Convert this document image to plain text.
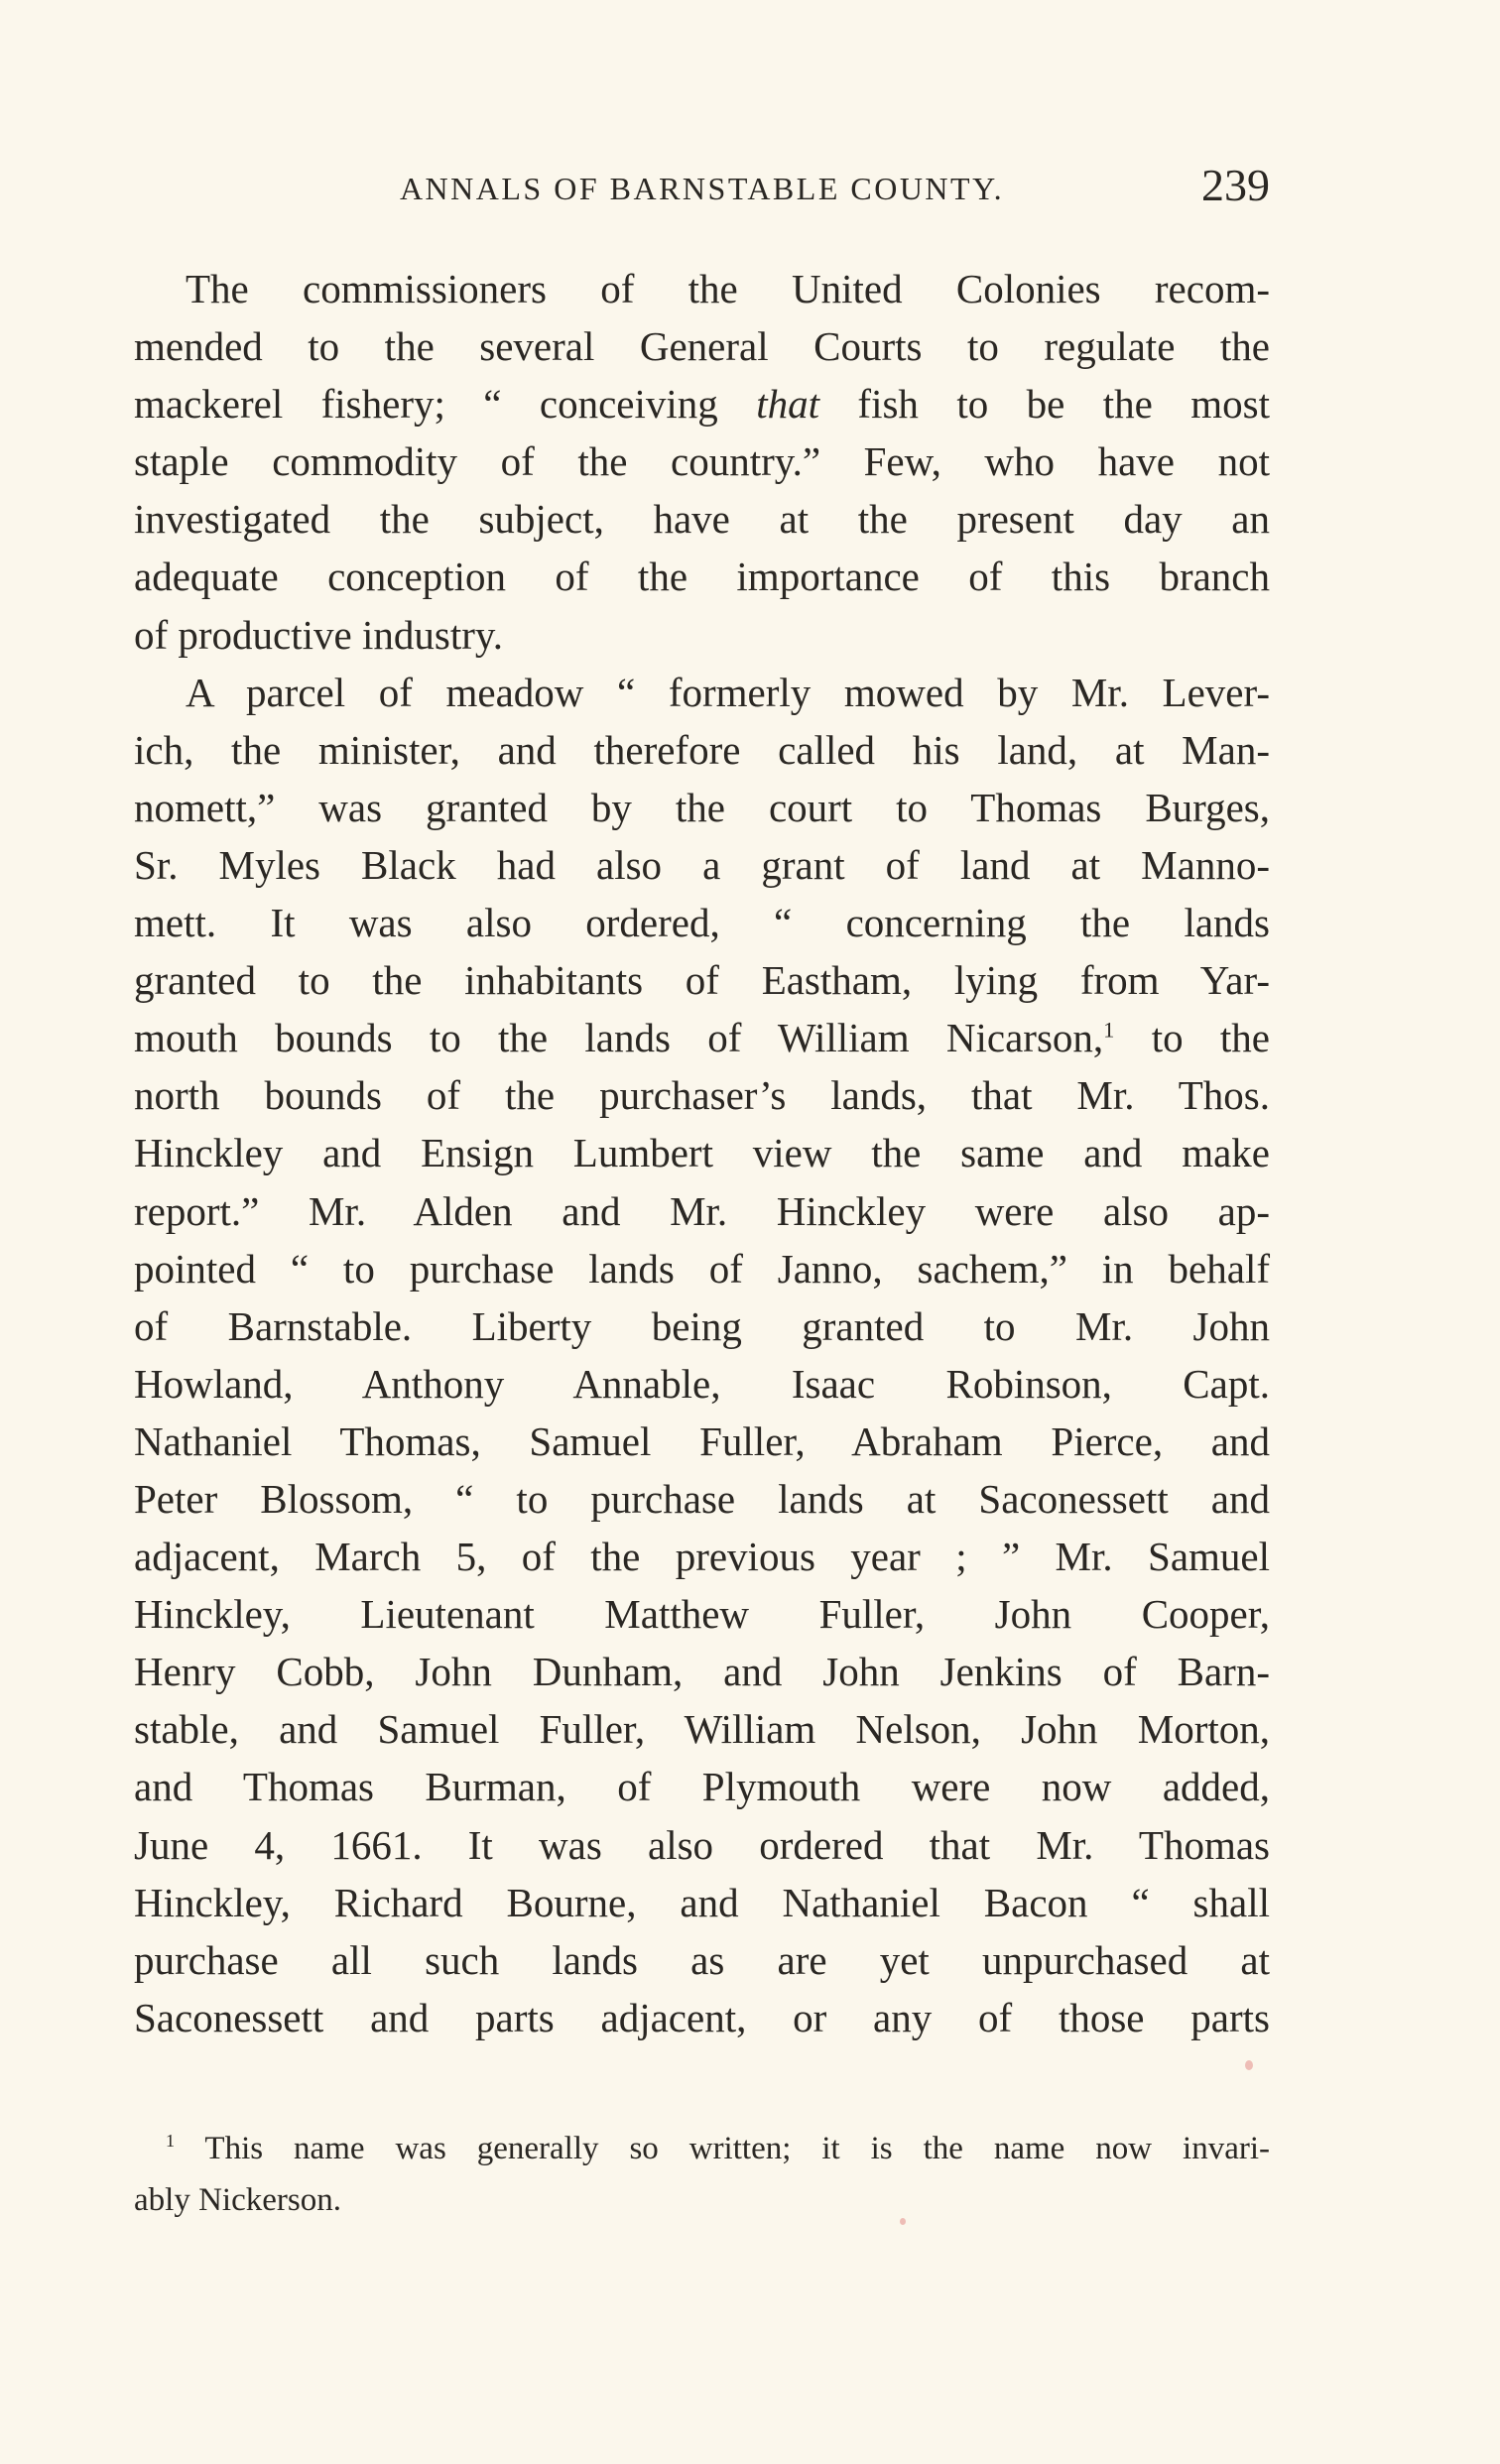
ANNALS OF BARNSTABLE COUNTY.	239
The commissioners of the United Colonies recom-
mended to the several General Courts to regulate the
mackerel fishery; “ conceiving that fish to be the most
staple commodity of the country.” Few, who have not
investigated the subject, have at the present day an
adequate conception of the importance of this branch
of productive industry.
A parcel of meadow “ formerly mowed by Mr. Lever-
ich, the minister, and therefore called his land, at Man-
nomett,” was granted by the court to Thomas Burges,
Sr. Myles Black had also a grant of land at Manno-
mett. It was also ordered, “ concerning the lands
granted to the inhabitants of Eastham, lying from Yar-
mouth bounds to the lands of William Nicarson,$^1$ to the
north bounds of the purchaser’s lands, that Mr. Thos.
Hinckley and Ensign Lumbert view the same and make
report.” Mr. Alden and Mr. Hinckley were also ap-
pointed “ to purchase lands of Janno, sachem,” in behalf
of Barnstable. Liberty being granted to Mr. John
Howland, Anthony Annable, Isaac Robinson, Capt.
Nathaniel Thomas, Samuel Fuller, Abraham Pierce, and
Peter Blossom, “ to purchase lands at Saconessett and
adjacent, March 5, of the previous year ; ” Mr. Samuel
Hinckley, Lieutenant Matthew Fuller, John Cooper,
Henry Cobb, John Dunham, and John Jenkins of Barn-
stable, and Samuel Fuller, William Nelson, John Morton,
and Thomas Burman, of Plymouth were now added,
June 4, 1661. It was also ordered that Mr. Thomas
Hinckley, Richard Bourne, and Nathaniel Bacon “ shall
purchase all such lands as are yet unpurchased at
Saconessett and parts adjacent, or any of those parts
$^1$ This name was generally so written; it is the name now invari-
ably Nickerson.
